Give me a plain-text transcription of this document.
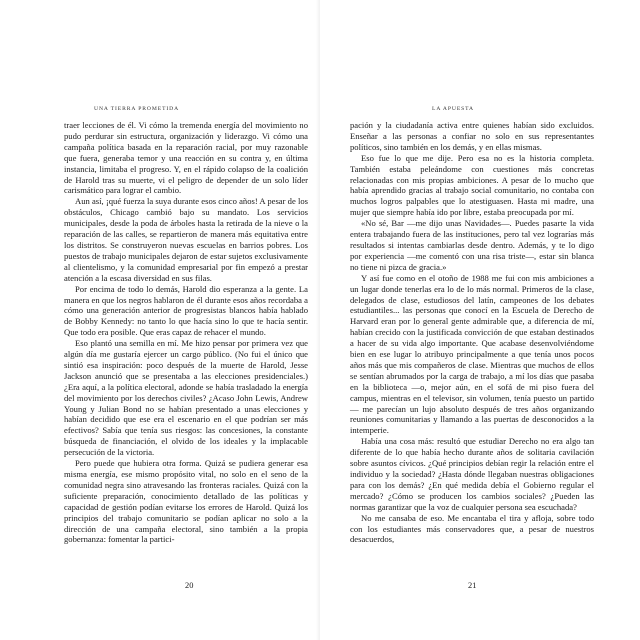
UNA TIERRA PROMETIDA

traer lecciones de él. Vi cómo la tremenda energía del movimiento no pudo perdurar sin estructura, organización y liderazgo. Vi cómo una campaña política basada en la reparación racial, por muy razonable que fuera, generaba temor y una reacción en su contra y, en última instancia, limitaba el progreso. Y, en el rápido colapso de la coalición de Harold tras su muerte, vi el peligro de depender de un solo líder carismático para lograr el cambio.

Aun así, ¡qué fuerza la suya durante esos cinco años! A pesar de los obstáculos, Chicago cambió bajo su mandato. Los servicios municipales, desde la poda de árboles hasta la retirada de la nieve o la reparación de las calles, se repartieron de manera más equitativa entre los distritos. Se construyeron nuevas escuelas en barrios pobres. Los puestos de trabajo municipales dejaron de estar sujetos exclusivamente al clientelismo, y la comunidad empresarial por fin empezó a prestar atención a la escasa diversidad en sus filas.

Por encima de todo lo demás, Harold dio esperanza a la gente. La manera en que los negros hablaron de él durante esos años recordaba a cómo una generación anterior de progresistas blancos había hablado de Bobby Kennedy: no tanto lo que hacía sino lo que te hacía sentir. Que todo era posible. Que eras capaz de rehacer el mundo.

Eso plantó una semilla en mí. Me hizo pensar por primera vez que algún día me gustaría ejercer un cargo público. (No fui el único que sintió esa inspiración: poco después de la muerte de Harold, Jesse Jackson anunció que se presentaba a las elecciones presidenciales.) ¿Era aquí, a la política electoral, adonde se había trasladado la energía del movimiento por los derechos civiles? ¿Acaso John Lewis, Andrew Young y Julian Bond no se habían presentado a unas elecciones y habían decidido que ese era el escenario en el que podrían ser más efectivos? Sabía que tenía sus riesgos: las concesiones, la constante búsqueda de financiación, el olvido de los ideales y la implacable persecución de la victoria.

Pero puede que hubiera otra forma. Quizá se pudiera generar esa misma energía, ese mismo propósito vital, no solo en el seno de la comunidad negra sino atravesando las fronteras raciales. Quizá con la suficiente preparación, conocimiento detallado de las políticas y capacidad de gestión podían evitarse los errores de Harold. Quizá los principios del trabajo comunitario se podían aplicar no solo a la dirección de una campaña electoral, sino también a la propia gobernanza: fomentar la partici-

20
LA APUESTA

pación y la ciudadanía activa entre quienes habían sido excluidos. Enseñar a las personas a confiar no solo en sus representantes políticos, sino también en los demás, y en ellas mismas.

Eso fue lo que me dije. Pero esa no es la historia completa. También estaba peleándome con cuestiones más concretas relacionadas con mis propias ambiciones. A pesar de lo mucho que había aprendido gracias al trabajo social comunitario, no contaba con muchos logros palpables que lo atestiguasen. Hasta mi madre, una mujer que siempre había ido por libre, estaba preocupada por mí.

«No sé, Bar —me dijo unas Navidades—. Puedes pasarte la vida entera trabajando fuera de las instituciones, pero tal vez lograrías más resultados si intentas cambiarlas desde dentro. Además, y te lo digo por experiencia —me comentó con una risa triste—, estar sin blanca no tiene ni pizca de gracia.»

Y así fue como en el otoño de 1988 me fui con mis ambiciones a un lugar donde tenerlas era lo de lo más normal. Primeros de la clase, delegados de clase, estudiosos del latín, campeones de los debates estudiantiles... las personas que conocí en la Escuela de Derecho de Harvard eran por lo general gente admirable que, a diferencia de mí, habían crecido con la justificada convicción de que estaban destinados a hacer de su vida algo importante. Que acabase desenvolviéndome bien en ese lugar lo atribuyo principalmente a que tenía unos pocos años más que mis compañeros de clase. Mientras que muchos de ellos se sentían abrumados por la carga de trabajo, a mí los días que pasaba en la biblioteca —o, mejor aún, en el sofá de mi piso fuera del campus, mientras en el televisor, sin volumen, tenía puesto un partido— me parecían un lujo absoluto después de tres años organizando reuniones comunitarias y llamando a las puertas de desconocidos a la intemperie.

Había una cosa más: resultó que estudiar Derecho no era algo tan diferente de lo que había hecho durante años de solitaria cavilación sobre asuntos cívicos. ¿Qué principios debían regir la relación entre el individuo y la sociedad? ¿Hasta dónde llegaban nuestras obligaciones para con los demás? ¿En qué medida debía el Gobierno regular el mercado? ¿Cómo se producen los cambios sociales? ¿Pueden las normas garantizar que la voz de cualquier persona sea escuchada?

No me cansaba de eso. Me encantaba el tira y afloja, sobre todo con los estudiantes más conservadores que, a pesar de nuestros desacuerdos,

21
